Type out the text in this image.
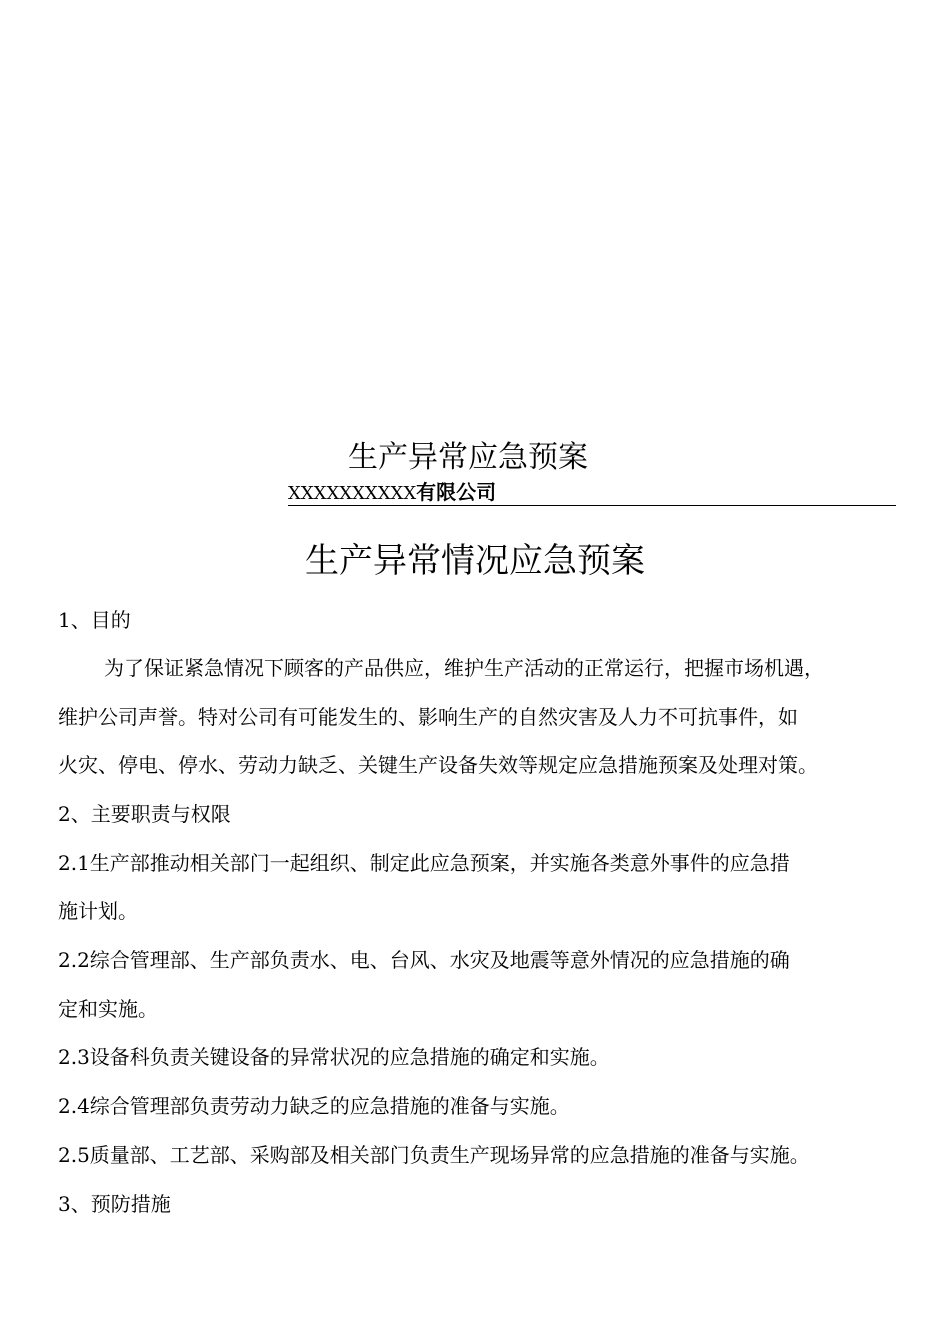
生产异常应急预案
XXXXXXXXXX有限公司
生产异常情况应急预案
1、目的
为了保证紧急情况下顾客的产品供应，维护生产活动的正常运行，把握市场机遇，
维护公司声誉。特对公司有可能发生的、影响生产的自然灾害及人力不可抗事件，如
火灾、停电、停水、劳动力缺乏、关键生产设备失效等规定应急措施预案及处理对策。
2、主要职责与权限
2.1生产部推动相关部门一起组织、制定此应急预案，并实施各类意外事件的应急措
施计划。
2.2综合管理部、生产部负责水、电、台风、水灾及地震等意外情况的应急措施的确
定和实施。
2.3设备科负责关键设备的异常状况的应急措施的确定和实施。
2.4综合管理部负责劳动力缺乏的应急措施的准备与实施。
2.5质量部、工艺部、采购部及相关部门负责生产现场异常的应急措施的准备与实施。
3、预防措施
